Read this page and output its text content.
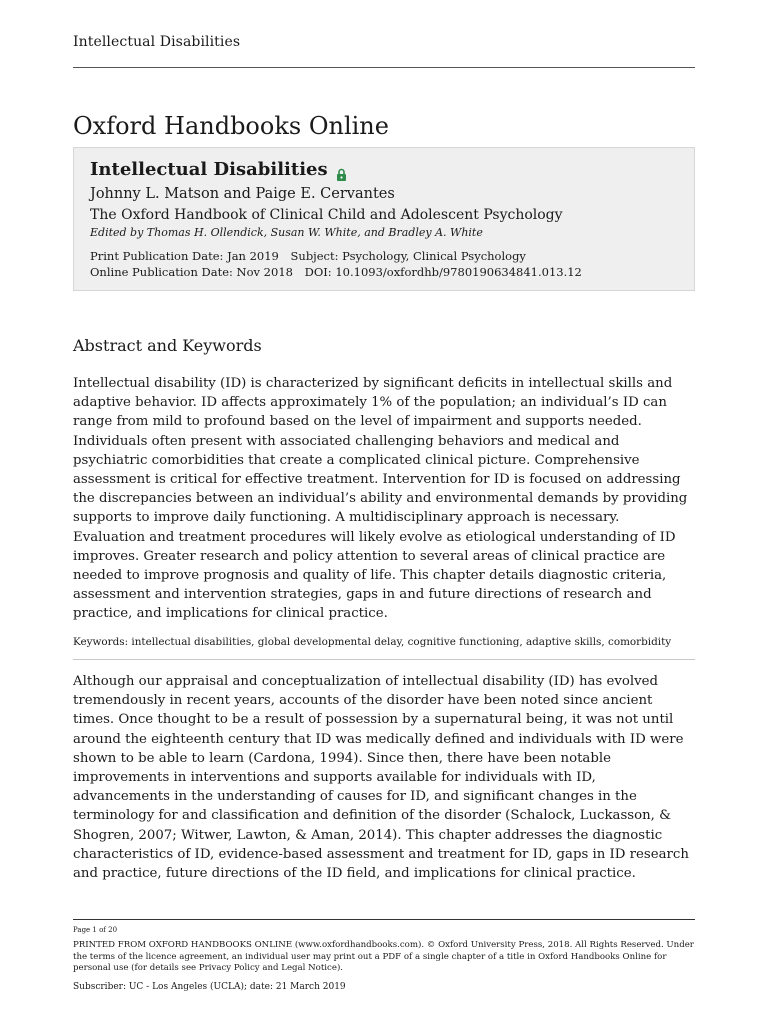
Intellectual Disabilities
Oxford Handbooks Online
Intellectual Disabilities
Johnny L. Matson and Paige E. Cervantes
The Oxford Handbook of Clinical Child and Adolescent Psychology
Edited by Thomas H. Ollendick, Susan W. White, and Bradley A. White
Print Publication Date: Jan 2019 Subject: Psychology, Clinical Psychology
Online Publication Date: Nov 2018 DOI: 10.1093/oxfordhb/9780190634841.013.12
Abstract and Keywords

Intellectual disability (ID) is characterized by significant deficits in intellectual skills and adaptive behavior. ID affects approximately 1% of the population; an individual’s ID can range from mild to profound based on the level of impairment and supports needed. Individuals often present with associated challenging behaviors and medical and psychiatric comorbidities that create a complicated clinical picture. Comprehensive assessment is critical for effective treatment. Intervention for ID is focused on addressing the discrepancies between an individual’s ability and environmental demands by providing supports to improve daily functioning. A multidisciplinary approach is necessary. Evaluation and treatment procedures will likely evolve as etiological understanding of ID improves. Greater research and policy attention to several areas of clinical practice are needed to improve prognosis and quality of life. This chapter details diagnostic criteria, assessment and intervention strategies, gaps in and future directions of research and practice, and implications for clinical practice.

Keywords: intellectual disabilities, global developmental delay, cognitive functioning, adaptive skills, comorbidity

Although our appraisal and conceptualization of intellectual disability (ID) has evolved tremendously in recent years, accounts of the disorder have been noted since ancient times. Once thought to be a result of possession by a supernatural being, it was not until around the eighteenth century that ID was medically defined and individuals with ID were shown to be able to learn (Cardona, 1994). Since then, there have been notable improvements in interventions and supports available for individuals with ID, advancements in the understanding of causes for ID, and significant changes in the terminology for and classification and definition of the disorder (Schalock, Luckasson, & Shogren, 2007; Witwer, Lawton, & Aman, 2014). This chapter addresses the diagnostic characteristics of ID, evidence-based assessment and treatment for ID, gaps in ID research and practice, future directions of the ID field, and implications for clinical practice.

Page 1 of 20

PRINTED FROM OXFORD HANDBOOKS ONLINE (www.oxfordhandbooks.com). © Oxford University Press, 2018. All Rights Reserved. Under the terms of the licence agreement, an individual user may print out a PDF of a single chapter of a title in Oxford Handbooks Online for personal use (for details see Privacy Policy and Legal Notice).

Subscriber: UC - Los Angeles (UCLA); date: 21 March 2019
